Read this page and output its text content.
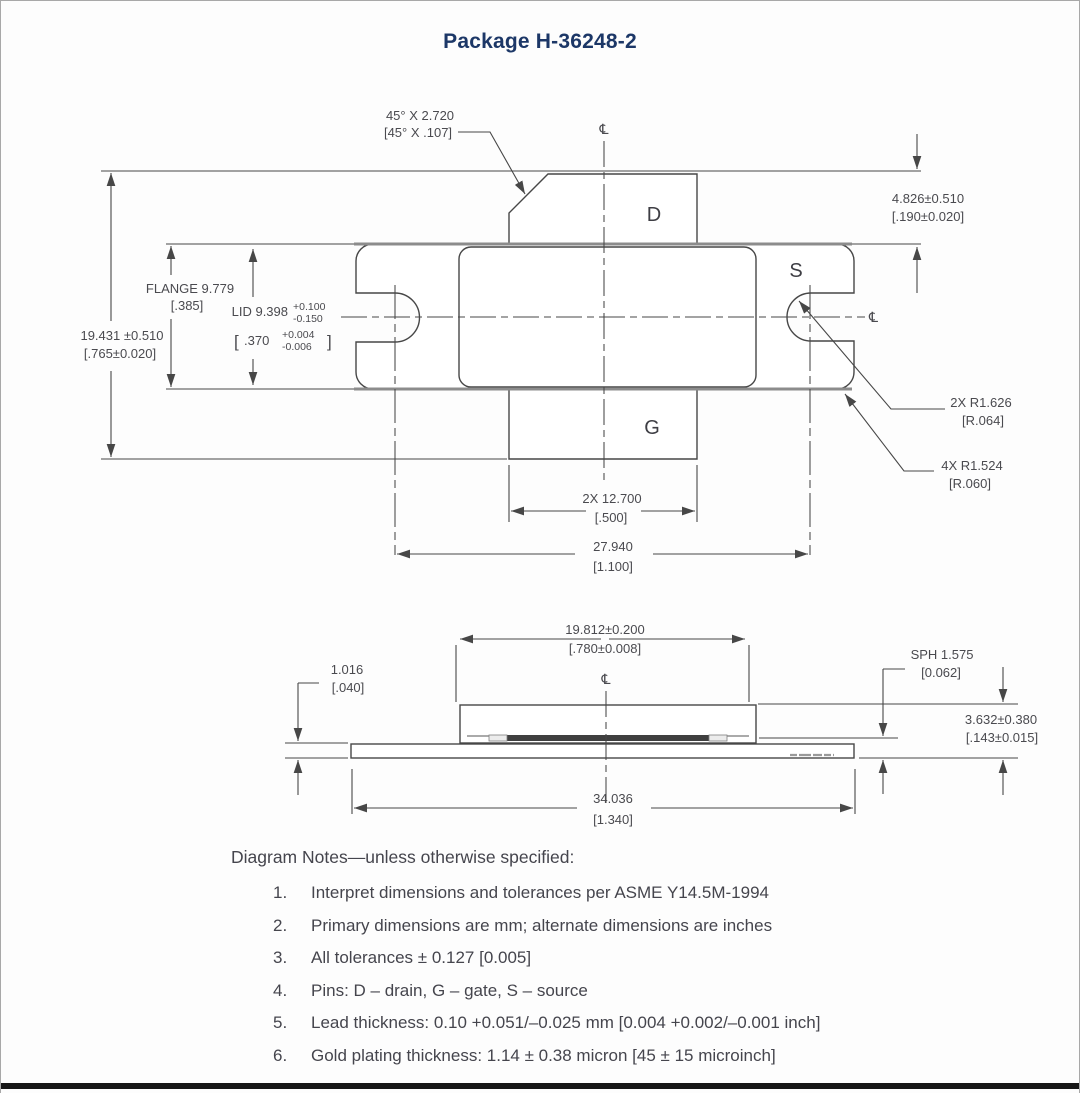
Package H-36248-2
℄
℄
D
G
S
19.431 ±0.510
[.765±0.020]
FLANGE 9.779
[.385] LID 9.398 +0.100
-0.150
[ .370 +0.004
-0.006 ]
4.826±0.510
[.190±0.020]
45° X 2.720
[45° X .107]
2X R1.626
[R.064]
4X R1.524
[R.060]
2X 12.700
[.500]
27.940
[1.100]
℄
19.812±0.200
[.780±0.008]
1.016
[.040]
SPH 1.575
[0.062]
3.632±0.380
[.143±0.015]
34.036
[1.340]
Diagram Notes—unless otherwise specified:
1.	Interpret dimensions and tolerances per ASME Y14.5M-1994
2.	Primary dimensions are mm; alternate dimensions are inches
3.	All tolerances ± 0.127 [0.005]
4.	Pins: D – drain, G – gate, S – source
5.	Lead thickness: 0.10 +0.051/–0.025 mm [0.004 +0.002/–0.001 inch]
6.	Gold plating thickness: 1.14 ± 0.38 micron [45 ± 15 microinch]
